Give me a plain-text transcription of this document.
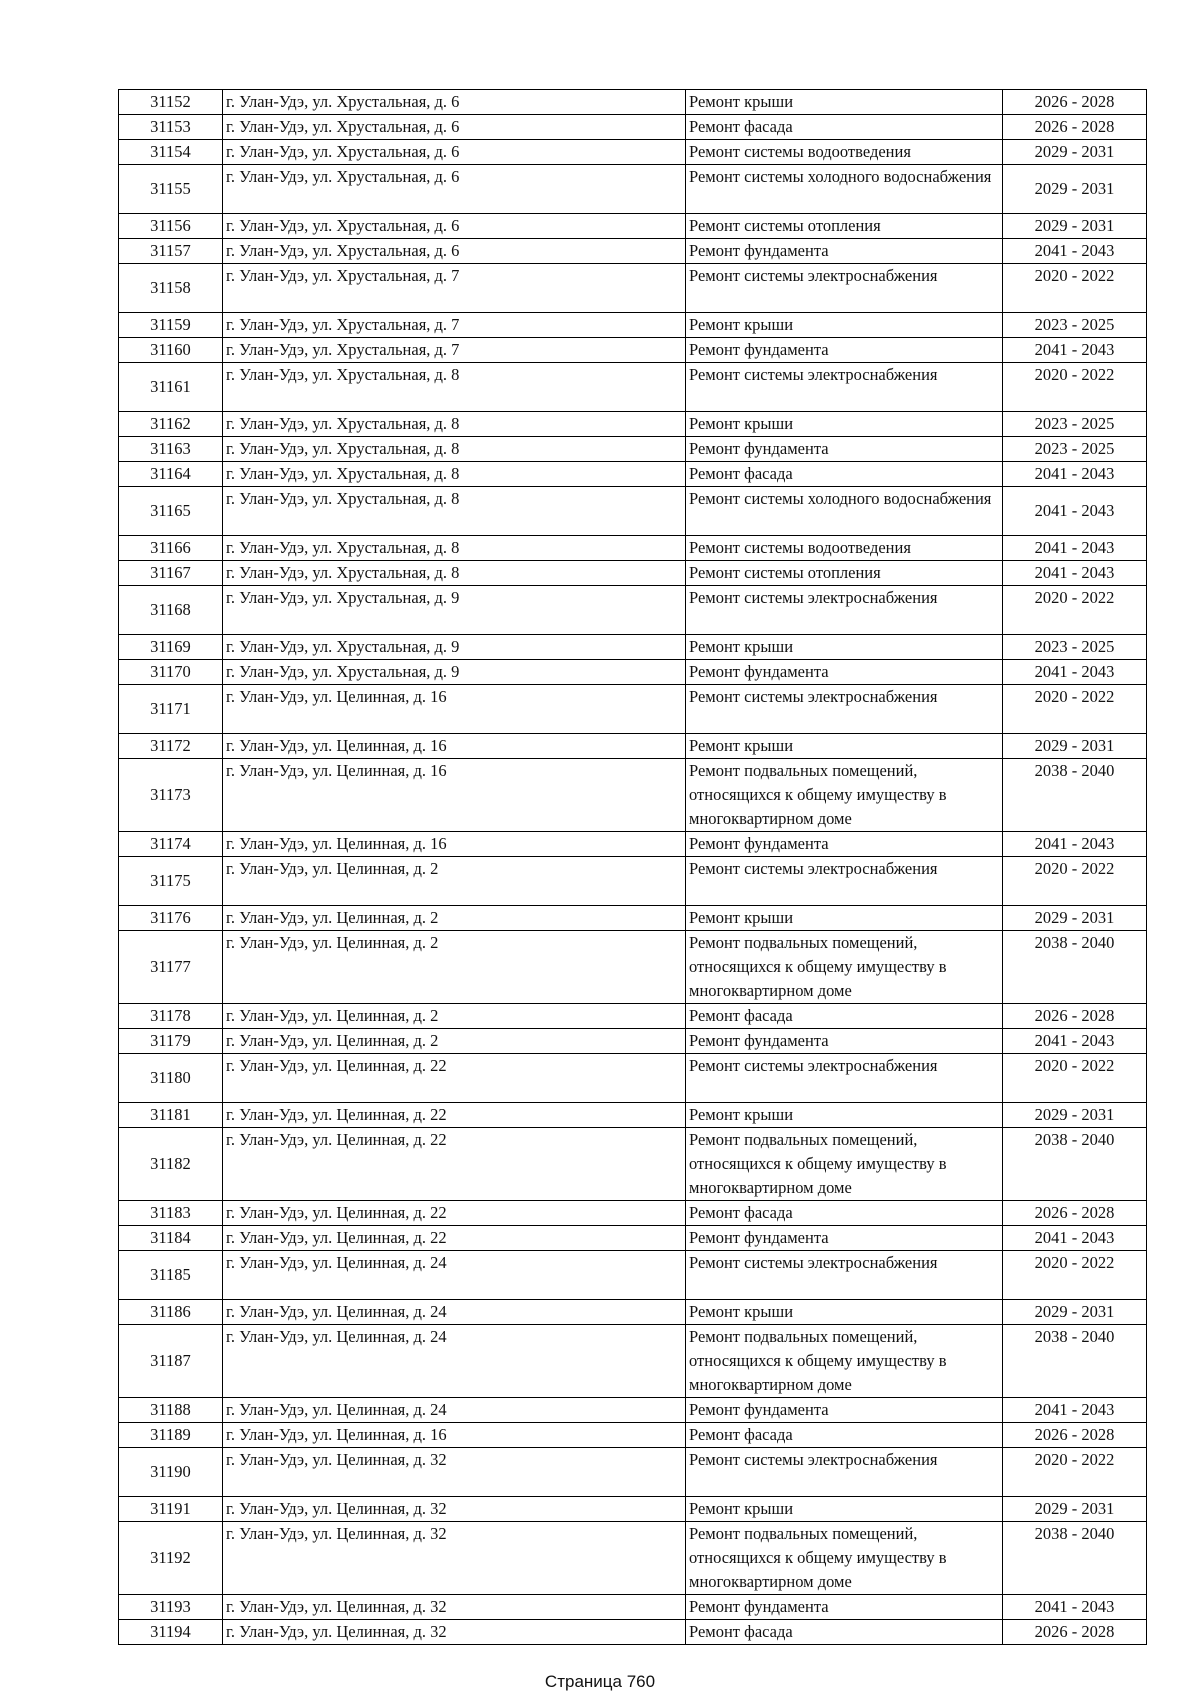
31152	г. Улан-Удэ, ул. Хрустальная, д. 6	Ремонт крыши	2026 - 2028
31153	г. Улан-Удэ, ул. Хрустальная, д. 6	Ремонт фасада	2026 - 2028
31154	г. Улан-Удэ, ул. Хрустальная, д. 6	Ремонт системы водоотведения	2029 - 2031
31155	г. Улан-Удэ, ул. Хрустальная, д. 6	Ремонт системы холодного водоснабжения	2029 - 2031
31156	г. Улан-Удэ, ул. Хрустальная, д. 6	Ремонт системы отопления	2029 - 2031
31157	г. Улан-Удэ, ул. Хрустальная, д. 6	Ремонт фундамента	2041 - 2043
31158	г. Улан-Удэ, ул. Хрустальная, д. 7	Ремонт системы электроснабжения	2020 - 2022
31159	г. Улан-Удэ, ул. Хрустальная, д. 7	Ремонт крыши	2023 - 2025
31160	г. Улан-Удэ, ул. Хрустальная, д. 7	Ремонт фундамента	2041 - 2043
31161	г. Улан-Удэ, ул. Хрустальная, д. 8	Ремонт системы электроснабжения	2020 - 2022
31162	г. Улан-Удэ, ул. Хрустальная, д. 8	Ремонт крыши	2023 - 2025
31163	г. Улан-Удэ, ул. Хрустальная, д. 8	Ремонт фундамента	2023 - 2025
31164	г. Улан-Удэ, ул. Хрустальная, д. 8	Ремонт фасада	2041 - 2043
31165	г. Улан-Удэ, ул. Хрустальная, д. 8	Ремонт системы холодного водоснабжения	2041 - 2043
31166	г. Улан-Удэ, ул. Хрустальная, д. 8	Ремонт системы водоотведения	2041 - 2043
31167	г. Улан-Удэ, ул. Хрустальная, д. 8	Ремонт системы отопления	2041 - 2043
31168	г. Улан-Удэ, ул. Хрустальная, д. 9	Ремонт системы электроснабжения	2020 - 2022
31169	г. Улан-Удэ, ул. Хрустальная, д. 9	Ремонт крыши	2023 - 2025
31170	г. Улан-Удэ, ул. Хрустальная, д. 9	Ремонт фундамента	2041 - 2043
31171	г. Улан-Удэ, ул. Целинная, д. 16	Ремонт системы электроснабжения	2020 - 2022
31172	г. Улан-Удэ, ул. Целинная, д. 16	Ремонт крыши	2029 - 2031
31173	г. Улан-Удэ, ул. Целинная, д. 16	Ремонт подвальных помещений, относящихся к общему имуществу в многоквартирном доме	2038 - 2040
31174	г. Улан-Удэ, ул. Целинная, д. 16	Ремонт фундамента	2041 - 2043
31175	г. Улан-Удэ, ул. Целинная, д. 2	Ремонт системы электроснабжения	2020 - 2022
31176	г. Улан-Удэ, ул. Целинная, д. 2	Ремонт крыши	2029 - 2031
31177	г. Улан-Удэ, ул. Целинная, д. 2	Ремонт подвальных помещений, относящихся к общему имуществу в многоквартирном доме	2038 - 2040
31178	г. Улан-Удэ, ул. Целинная, д. 2	Ремонт фасада	2026 - 2028
31179	г. Улан-Удэ, ул. Целинная, д. 2	Ремонт фундамента	2041 - 2043
31180	г. Улан-Удэ, ул. Целинная, д. 22	Ремонт системы электроснабжения	2020 - 2022
31181	г. Улан-Удэ, ул. Целинная, д. 22	Ремонт крыши	2029 - 2031
31182	г. Улан-Удэ, ул. Целинная, д. 22	Ремонт подвальных помещений, относящихся к общему имуществу в многоквартирном доме	2038 - 2040
31183	г. Улан-Удэ, ул. Целинная, д. 22	Ремонт фасада	2026 - 2028
31184	г. Улан-Удэ, ул. Целинная, д. 22	Ремонт фундамента	2041 - 2043
31185	г. Улан-Удэ, ул. Целинная, д. 24	Ремонт системы электроснабжения	2020 - 2022
31186	г. Улан-Удэ, ул. Целинная, д. 24	Ремонт крыши	2029 - 2031
31187	г. Улан-Удэ, ул. Целинная, д. 24	Ремонт подвальных помещений, относящихся к общему имуществу в многоквартирном доме	2038 - 2040
31188	г. Улан-Удэ, ул. Целинная, д. 24	Ремонт фундамента	2041 - 2043
31189	г. Улан-Удэ, ул. Целинная, д. 16	Ремонт фасада	2026 - 2028
31190	г. Улан-Удэ, ул. Целинная, д. 32	Ремонт системы электроснабжения	2020 - 2022
31191	г. Улан-Удэ, ул. Целинная, д. 32	Ремонт крыши	2029 - 2031
31192	г. Улан-Удэ, ул. Целинная, д. 32	Ремонт подвальных помещений, относящихся к общему имуществу в многоквартирном доме	2038 - 2040
31193	г. Улан-Удэ, ул. Целинная, д. 32	Ремонт фундамента	2041 - 2043
31194	г. Улан-Удэ, ул. Целинная, д. 32	Ремонт фасада	2026 - 2028
Страница 760
